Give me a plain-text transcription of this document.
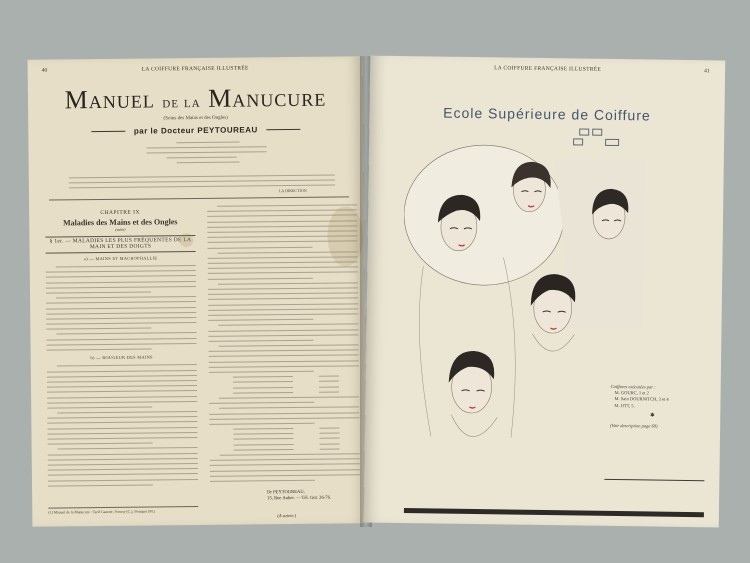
40	LA COIFFURE FRANÇAISE ILLUSTRÉE
Manuel de la Manucure
(Soins des Mains et des Ongles)
par le Docteur PEYTOUREAU
LA DIRECTION
CHAPITRE IX
Maladies des Mains et des Ongles
(suite)
§ 1er. — MALADIES LES PLUS FRÉQUENTES DE LA MAIN ET DES DOIGTS
a) — MAINS ET MACROPHALLIE
b) — ROUGEUR DES MAINS
(1) Manuel de la Manucure : Tarif Gazette, Poensy (C.), Bouquet (M.)
(A suivre.)
Dr PEYTOUREAU,
15, Rue Auber. — Tél. Gut. 26-76.
LA COIFFURE FRANÇAISE ILLUSTRÉE	41
Ecole Supérieure de Coiffure
Coiffures exécutées par :
M. GOURC, 1 et 2
M. Sain DOURNITCH, 3 et 4
M. JITT, 5.
✱
(Voir description page 69)
